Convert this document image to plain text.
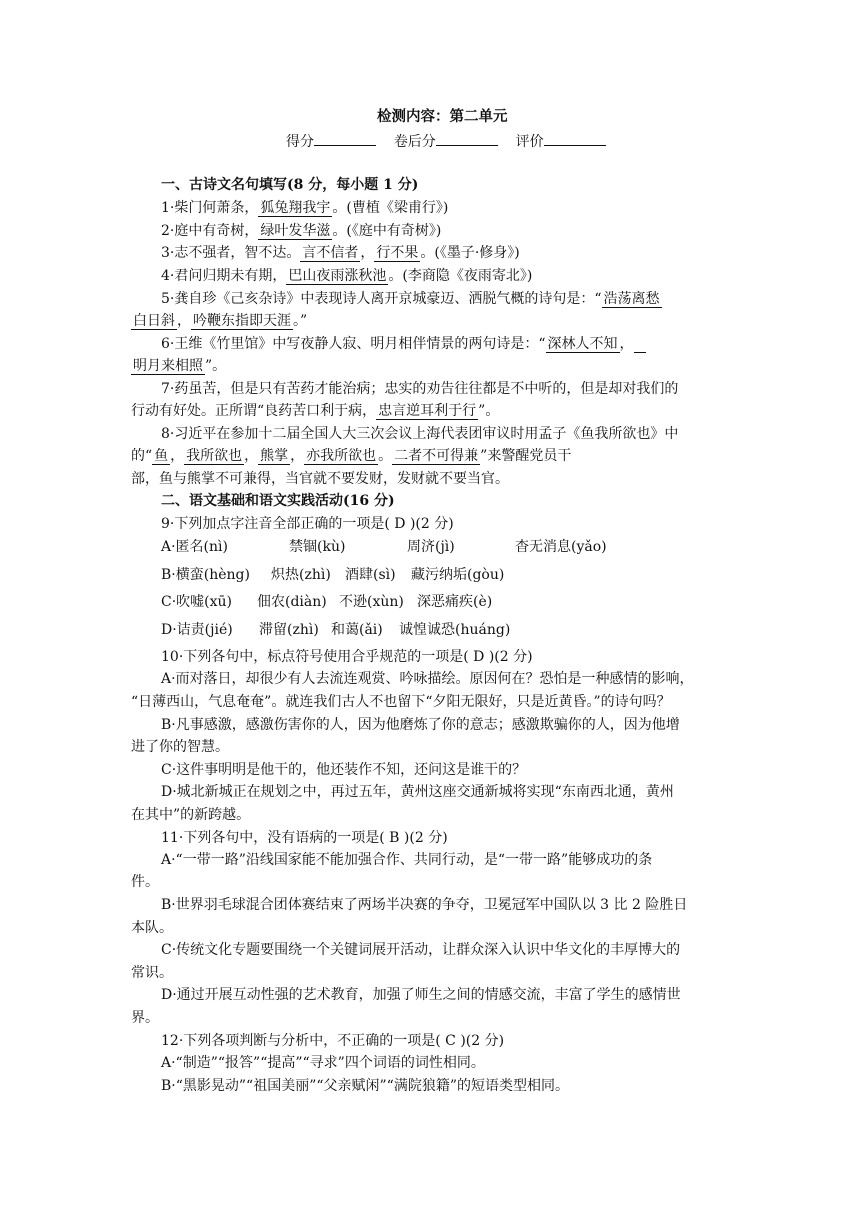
检测内容：第二单元
得分	卷后分	评价
一、古诗文名句填写(8 分，每小题 1 分)
1·柴门何萧条， 狐兔翔我宇 。(曹植《梁甫行》)
2·庭中有奇树， 绿叶发华滋 。(《庭中有奇树》)
3·志不强者，智不达。 言不信者 ， 行不果 。(《墨子·修身》)
4·君问归期未有期， 巴山夜雨涨秋池 。(李商隐《夜雨寄北》)
5·龚自珍《己亥杂诗》中表现诗人离开京城豪迈、洒脱气概的诗句是：“ 浩荡离愁
白日斜 ， 吟鞭东指即天涯 。”
6·王维《竹里馆》中写夜静人寂、明月相伴情景的两句诗是：“ 深林人不知 ，
明月来相照 ”。
7·药虽苦，但是只有苦药才能治病；忠实的劝告往往都是不中听的，但是却对我们的
行动有好处。正所谓“良药苦口利于病， 忠言逆耳利于行 ”。
8·习近平在参加十二届全国人大三次会议上海代表团审议时用孟子《鱼我所欲也》中
的“ 鱼 ， 我所欲也 ， 熊掌 ， 亦我所欲也 。 二者不可得兼 ”来警醒党员干
部，鱼与熊掌不可兼得，当官就不要发财，发财就不要当官。
二、语文基础和语文实践活动(16 分)
9·下列加点字注音全部正确的一项是( D )(2 分)
A·匿名(nì)	禁锢(kù)	周济(jì)	杳无消息(yǎo)
B·横蛮(hèng) 炽热(zhì) 酒肆(sì) 藏污纳垢(gòu)
C·吹嘘(xū) 佃农(diàn) 不逊(xùn) 深恶痛疾(è)
D·诘责(jié) 滞留(zhì) 和蔼(ǎi) 诚惶诚恐(huáng)
10·下列各句中，标点符号使用合乎规范的一项是( D )(2 分)
A·而对落日，却很少有人去流连观赏、吟咏描绘。原因何在？恐怕是一种感情的影响，
“日薄西山，气息奄奄”。就连我们古人不也留下“夕阳无限好，只是近黄昏。”的诗句吗？
B·凡事感激，感激伤害你的人，因为他磨炼了你的意志；感激欺骗你的人，因为他增
进了你的智慧。
C·这件事明明是他干的，他还装作不知，还问这是谁干的？
D·城北新城正在规划之中，再过五年，黄州这座交通新城将实现“东南西北通，黄州
在其中”的新跨越。
11·下列各句中，没有语病的一项是( B )(2 分)
A·“一带一路”沿线国家能不能加强合作、共同行动，是“一带一路”能够成功的条
件。
B·世界羽毛球混合团体赛结束了两场半决赛的争夺，卫冕冠军中国队以 3 比 2 险胜日
本队。
C·传统文化专题要围绕一个关键词展开活动，让群众深入认识中华文化的丰厚博大的
常识。
D·通过开展互动性强的艺术教育，加强了师生之间的情感交流，丰富了学生的感情世
界。
12·下列各项判断与分析中，不正确的一项是( C )(2 分)
A·“制造”“报答”“提高”“寻求”四个词语的词性相同。
B·“黑影晃动”“祖国美丽”“父亲赋闲”“满院狼籍”的短语类型相同。
